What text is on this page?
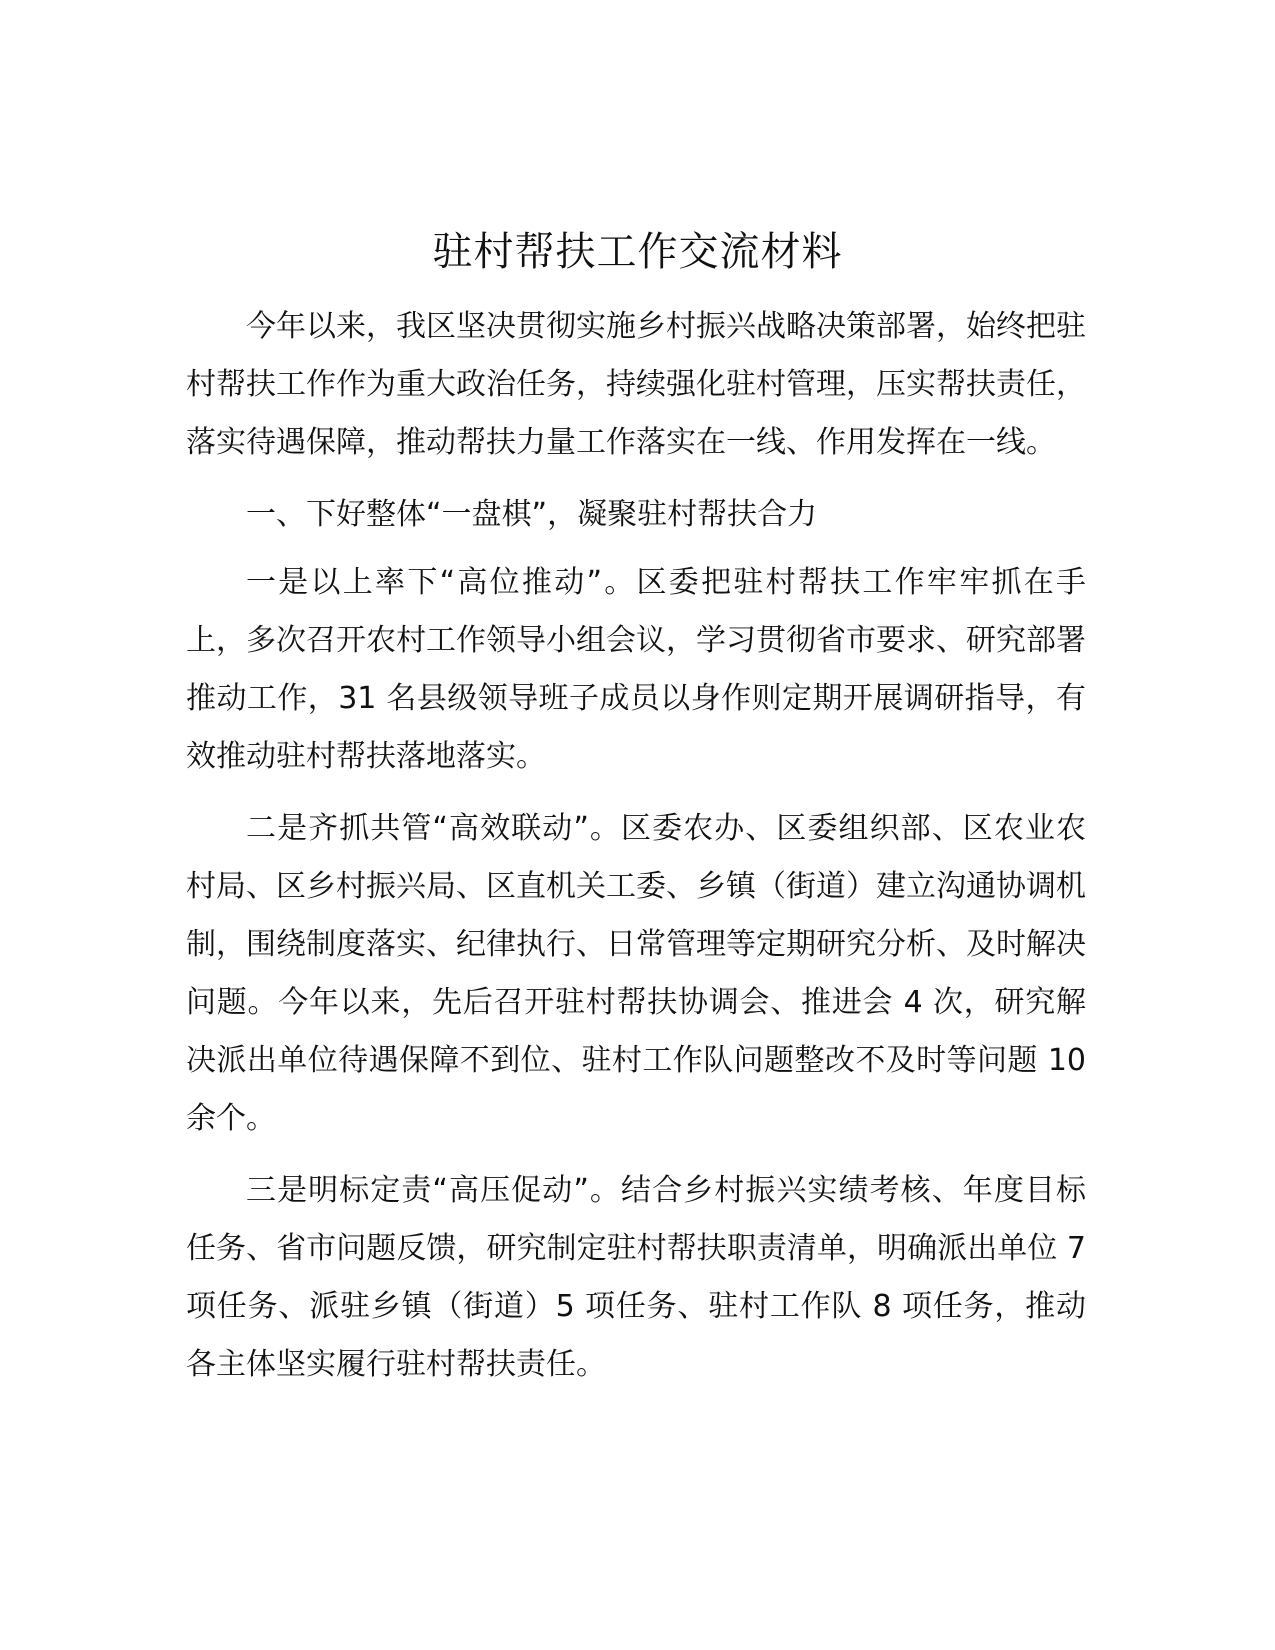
驻村帮扶工作交流材料

今年以来，我区坚决贯彻实施乡村振兴战略决策部署，始终把驻村帮扶工作作为重大政治任务，持续强化驻村管理，压实帮扶责任，落实待遇保障，推动帮扶力量工作落实在一线、作用发挥在一线。

一、下好整体“一盘棋”，凝聚驻村帮扶合力

一是以上率下“高位推动”。区委把驻村帮扶工作牢牢抓在手上，多次召开农村工作领导小组会议，学习贯彻省市要求、研究部署推动工作，31 名县级领导班子成员以身作则定期开展调研指导，有效推动驻村帮扶落地落实。

二是齐抓共管“高效联动”。区委农办、区委组织部、区农业农村局、区乡村振兴局、区直机关工委、乡镇（街道）建立沟通协调机制，围绕制度落实、纪律执行、日常管理等定期研究分析、及时解决问题。今年以来，先后召开驻村帮扶协调会、推进会 4 次，研究解决派出单位待遇保障不到位、驻村工作队问题整改不及时等问题 10 余个。

三是明标定责“高压促动”。结合乡村振兴实绩考核、年度目标任务、省市问题反馈，研究制定驻村帮扶职责清单，明确派出单位 7 项任务、派驻乡镇（街道）5 项任务、驻村工作队 8 项任务，推动各主体坚实履行驻村帮扶责任。
